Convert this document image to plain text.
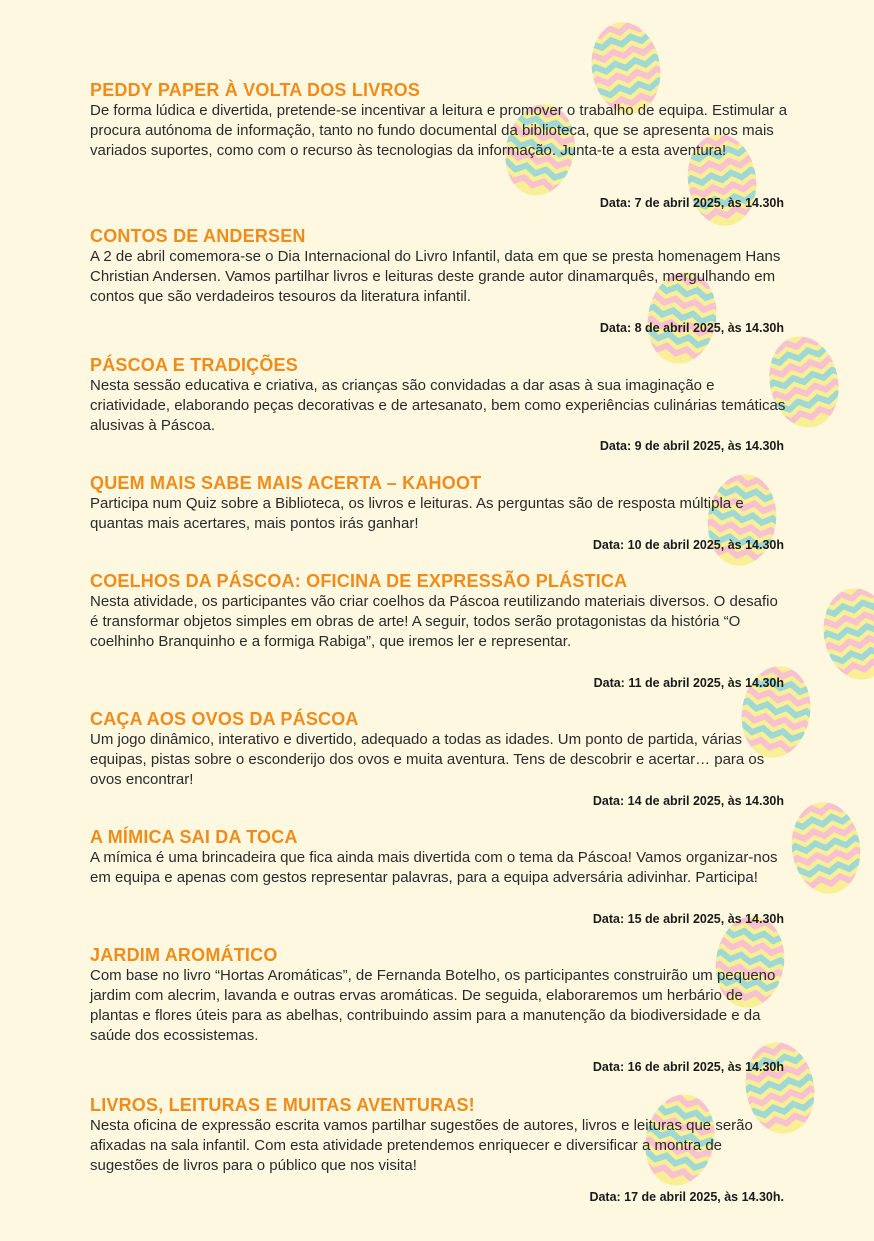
PEDDY PAPER À VOLTA DOS LIVROS

De forma lúdica e divertida, pretende-se incentivar a leitura e promover o trabalho de equipa. Estimular a procura autónoma de informação, tanto no fundo documental da biblioteca, que se apresenta nos mais variados suportes, como com o recurso às tecnologias da informação. Junta-te a esta aventura!

Data: 7 de abril 2025, às 14.30h
CONTOS DE ANDERSEN

A 2 de abril comemora-se o Dia Internacional do Livro Infantil, data em que se presta homenagem Hans Christian Andersen. Vamos partilhar livros e leituras deste grande autor dinamarquês, mergulhando em contos que são verdadeiros tesouros da literatura infantil.

Data: 8 de abril 2025, às 14.30h
PÁSCOA E TRADIÇÕES

Nesta sessão educativa e criativa, as crianças são convidadas a dar asas à sua imaginação e criatividade, elaborando peças decorativas e de artesanato, bem como experiências culinárias temáticas alusivas à Páscoa.

Data: 9 de abril 2025, às 14.30h
QUEM MAIS SABE MAIS ACERTA – KAHOOT

Participa num Quiz sobre a Biblioteca, os livros e leituras. As perguntas são de resposta múltipla e quantas mais acertares, mais pontos irás ganhar!

Data: 10 de abril 2025, às 14.30h
COELHOS DA PÁSCOA: OFICINA DE EXPRESSÃO PLÁSTICA

Nesta atividade, os participantes vão criar coelhos da Páscoa reutilizando materiais diversos. O desafio é transformar objetos simples em obras de arte! A seguir, todos serão protagonistas da história “O coelhinho Branquinho e a formiga Rabiga”, que iremos ler e representar.

Data: 11 de abril 2025, às 14.30h
CAÇA AOS OVOS DA PÁSCOA

Um jogo dinâmico, interativo e divertido, adequado a todas as idades. Um ponto de partida, várias equipas, pistas sobre o esconderijo dos ovos e muita aventura. Tens de descobrir e acertar… para os ovos encontrar!

Data: 14 de abril 2025, às 14.30h
A MÍMICA SAI DA TOCA

A mímica é uma brincadeira que fica ainda mais divertida com o tema da Páscoa! Vamos organizar-nos em equipa e apenas com gestos representar palavras, para a equipa adversária adivinhar. Participa!

Data: 15 de abril 2025, às 14.30h
JARDIM AROMÁTICO

Com base no livro “Hortas Aromáticas”, de Fernanda Botelho, os participantes construirão um pequeno jardim com alecrim, lavanda e outras ervas aromáticas. De seguida, elaboraremos um herbário de plantas e flores úteis para as abelhas, contribuindo assim para a manutenção da biodiversidade e da saúde dos ecossistemas.

Data: 16 de abril 2025, às 14.30h
LIVROS, LEITURAS E MUITAS AVENTURAS!

Nesta oficina de expressão escrita vamos partilhar sugestões de autores, livros e leituras que serão afixadas na sala infantil. Com esta atividade pretendemos enriquecer e diversificar a montra de sugestões de livros para o público que nos visita!

Data: 17 de abril 2025, às 14.30h.
